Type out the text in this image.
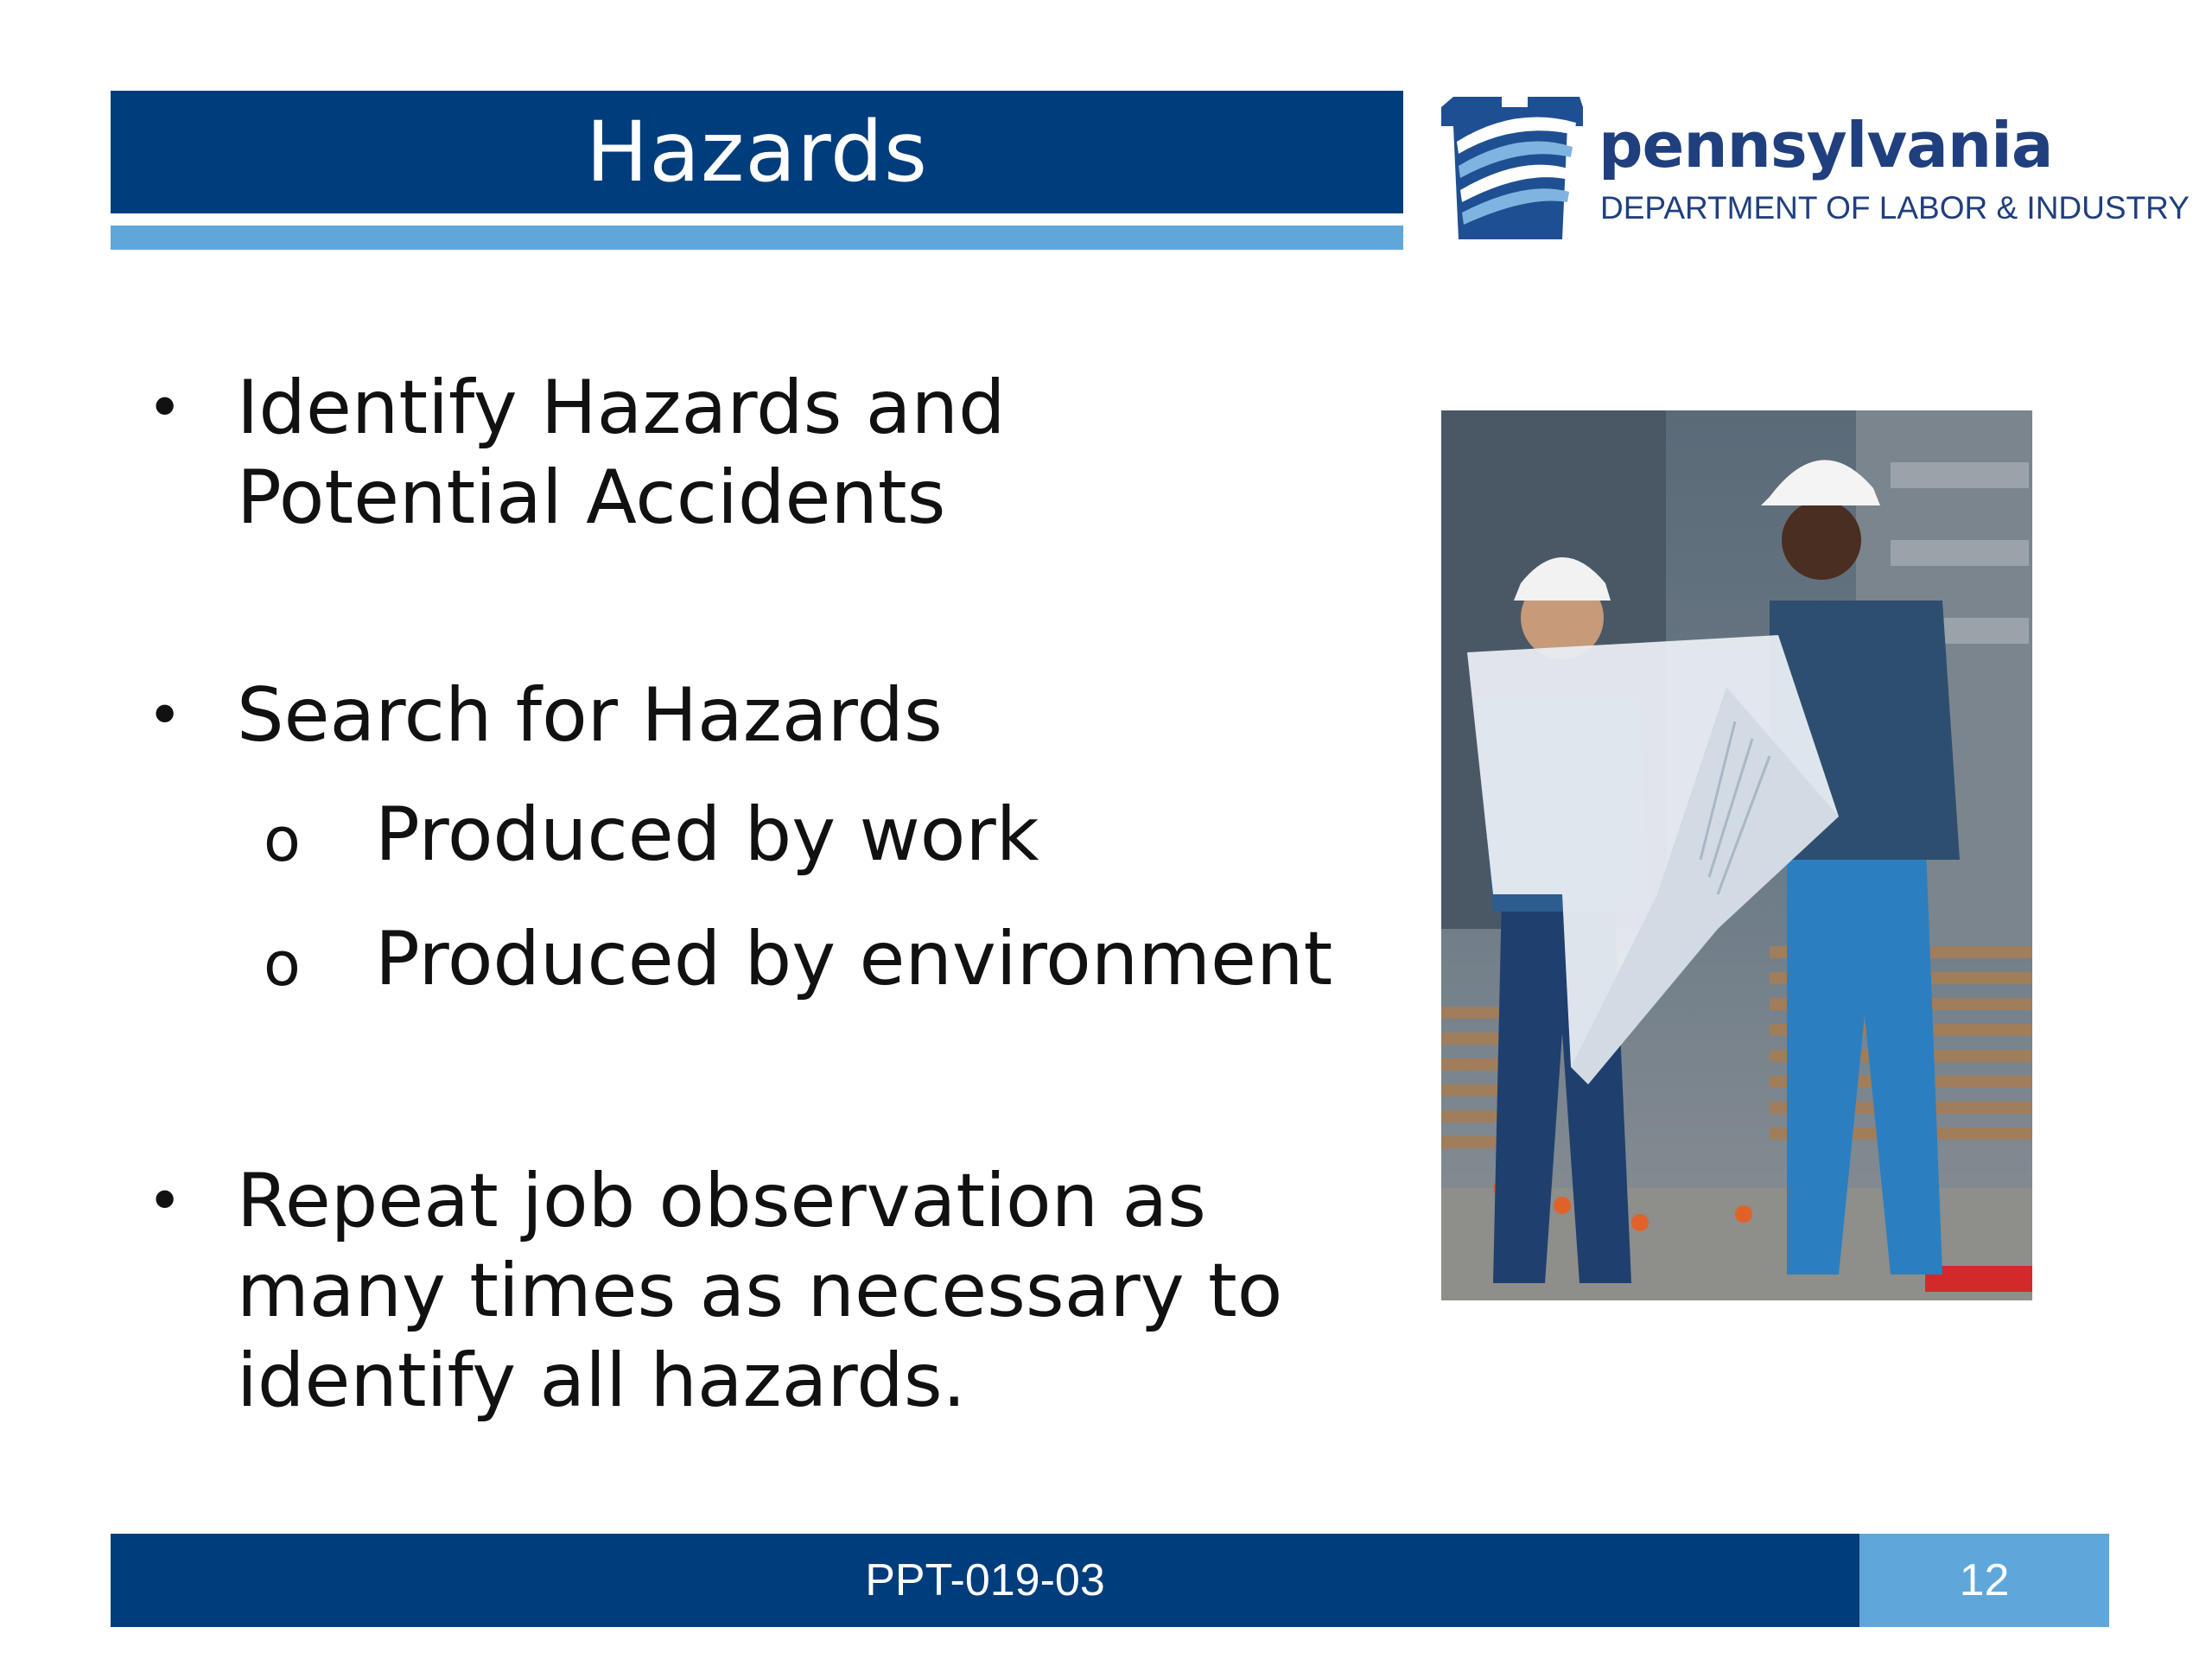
Hazards	pennsylvania
DEPARTMENT OF LABOR & INDUSTRY
• Identify Hazards and
Potential Accidents
• Search for Hazards
o Produced by work
o Produced by environment
• Repeat job observation as
many times as necessary to
identify all hazards.
PPT-019-03	12
